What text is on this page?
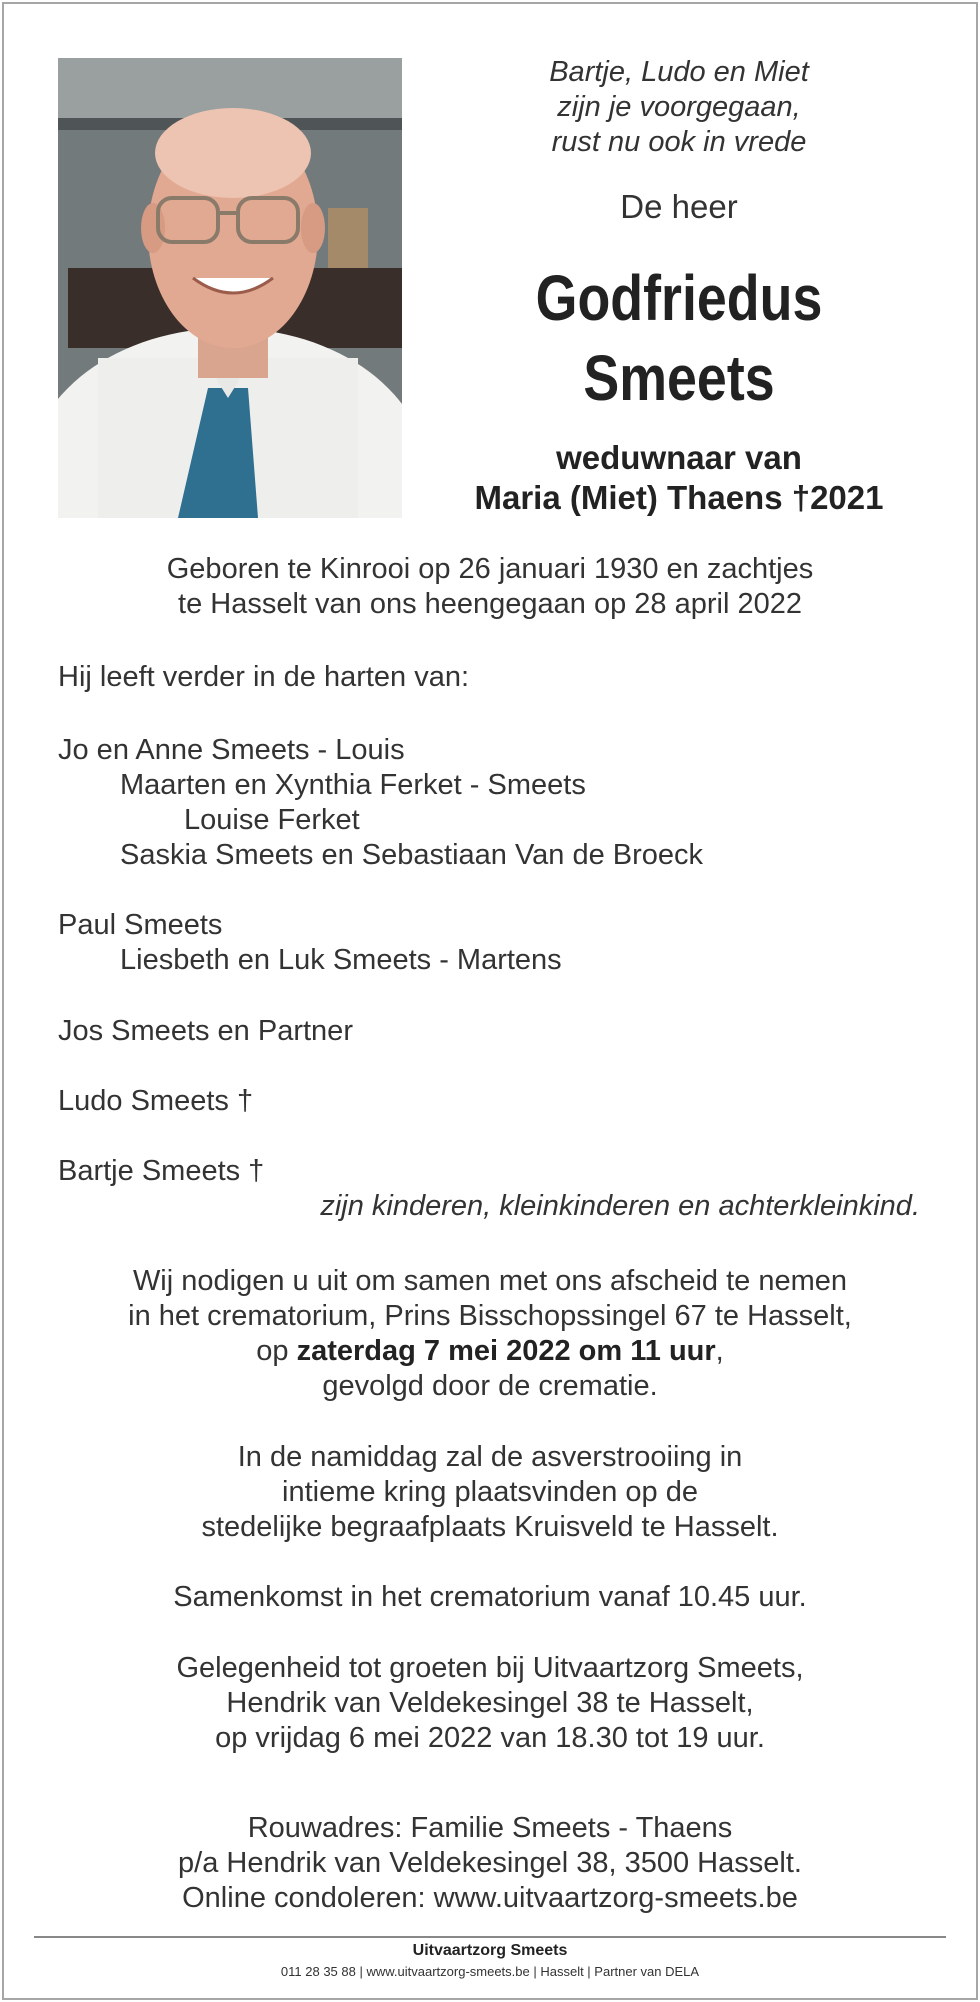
Bartje, Ludo en Miet
zijn je voorgegaan,
rust nu ook in vrede
De heer
Godfriedus
Smeets
weduwnaar van
Maria (Miet) Thaens †2021
Geboren te Kinrooi op 26 januari 1930 en zachtjes
te Hasselt van ons heengegaan op 28 april 2022
Hij leeft verder in de harten van:
Jo en Anne Smeets - Louis
Maarten en Xynthia Ferket - Smeets
Louise Ferket
Saskia Smeets en Sebastiaan Van de Broeck
Paul Smeets
Liesbeth en Luk Smeets - Martens
Jos Smeets en Partner
Ludo Smeets †
Bartje Smeets †
zijn kinderen, kleinkinderen en achterkleinkind.
Wij nodigen u uit om samen met ons afscheid te nemen
in het crematorium, Prins Bisschopssingel 67 te Hasselt,
op zaterdag 7 mei 2022 om 11 uur,
gevolgd door de crematie.
In de namiddag zal de asverstrooiing in
intieme kring plaatsvinden op de
stedelijke begraafplaats Kruisveld te Hasselt.
Samenkomst in het crematorium vanaf 10.45 uur.
Gelegenheid tot groeten bij Uitvaartzorg Smeets,
Hendrik van Veldekesingel 38 te Hasselt,
op vrijdag 6 mei 2022 van 18.30 tot 19 uur.
Rouwadres: Familie Smeets - Thaens
p/a Hendrik van Veldekesingel 38, 3500 Hasselt.
Online condoleren: www.uitvaartzorg-smeets.be
Uitvaartzorg Smeets
011 28 35 88 | www.uitvaartzorg-smeets.be | Hasselt | Partner van DELA
